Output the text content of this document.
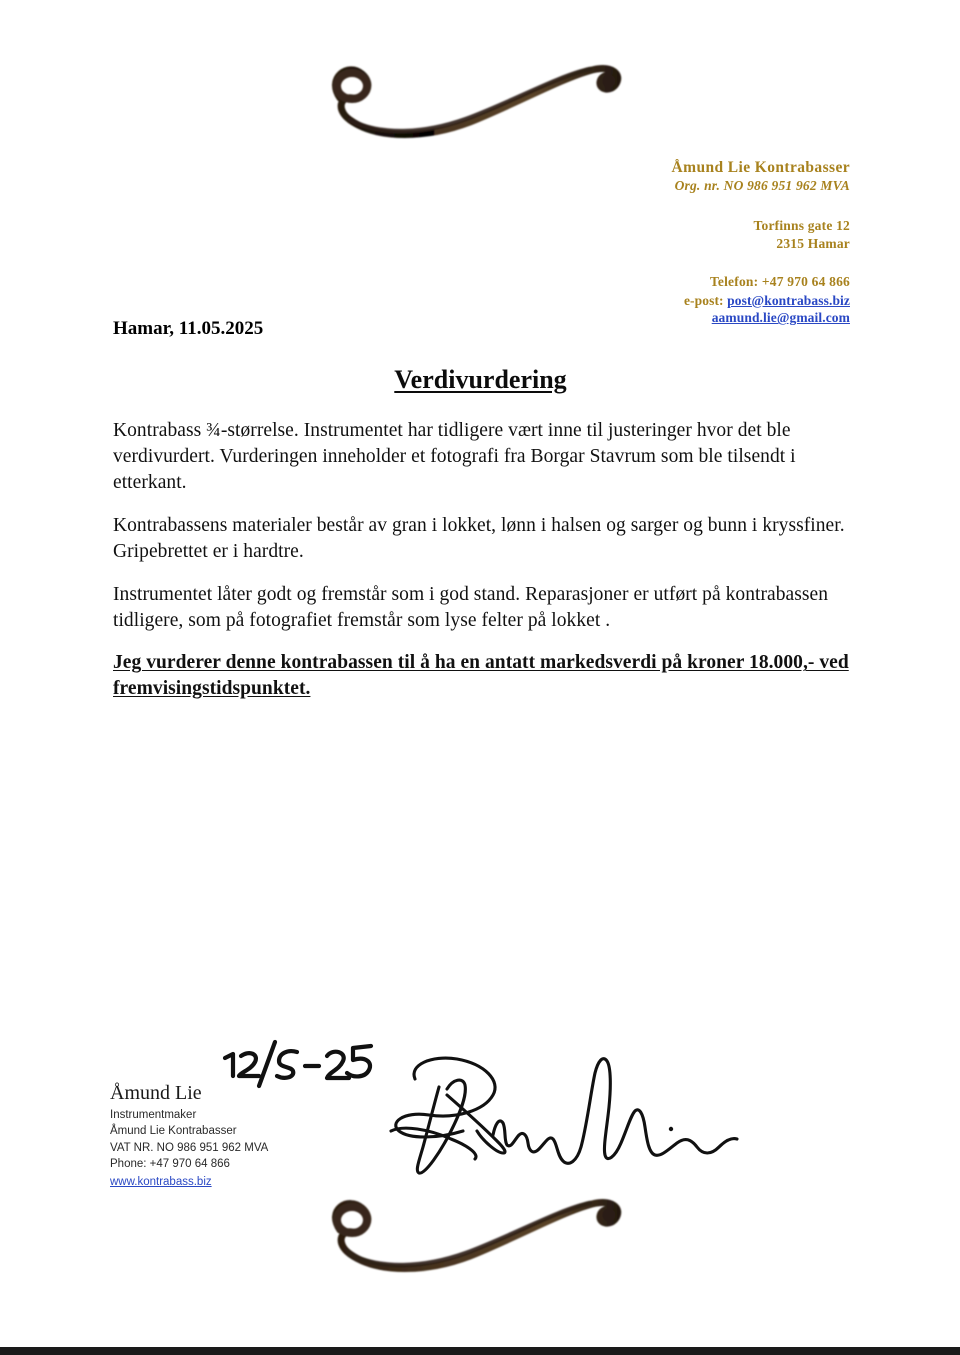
Åmund Lie Kontrabasser
Org. nr. NO 986 951 962 MVA
Torfinns gate 12
2315 Hamar
Telefon: +47 970 64 866
e-post: post@kontrabass.biz
aamund.lie@gmail.com
Hamar, 11.05.2025
Verdivurdering

Kontrabass ¾-størrelse. Instrumentet har tidligere vært inne til justeringer hvor det ble verdivurdert. Vurderingen inneholder et fotografi fra Borgar Stavrum som ble tilsendt i etterkant.

Kontrabassens materialer består av gran i lokket, lønn i halsen og sarger og bunn i kryssfiner. Gripebrettet er i hardtre.

Instrumentet låter godt og fremstår som i god stand. Reparasjoner er utført på kontrabassen tidligere, som på fotografiet fremstår som lyse felter på lokket .

Jeg vurderer denne kontrabassen til å ha en antatt markedsverdi på kroner 18.000,- ved fremvisingstidspunktet.

Åmund Lie
Instrumentmaker
Åmund Lie Kontrabasser
VAT NR. NO 986 951 962 MVA
Phone: +47 970 64 866
www.kontrabass.biz
